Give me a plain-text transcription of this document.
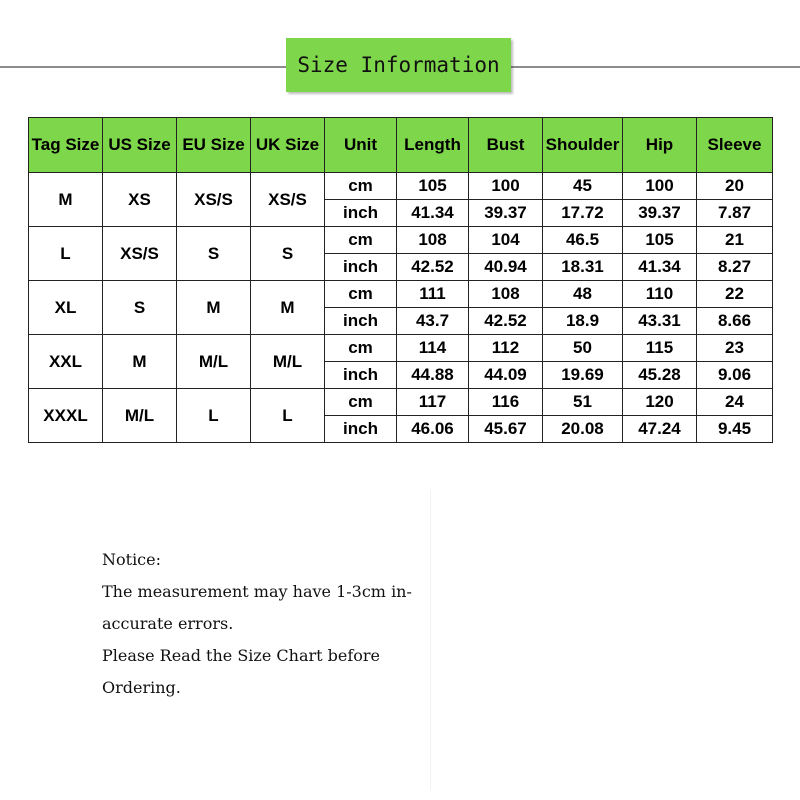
Size Information
Tag Size	US Size	EU Size	UK Size	Unit	Length	Bust	Shoulder	Hip	Sleeve
M	XS	XS/S	XS/S	cm	105	100	45	100	20
				inch	41.34	39.37	17.72	39.37	7.87
L	XS/S	S	S	cm	108	104	46.5	105	21
				inch	42.52	40.94	18.31	41.34	8.27
XL	S	M	M	cm	111	108	48	110	22
				inch	43.7	42.52	18.9	43.31	8.66
XXL	M	M/L	M/L	cm	114	112	50	115	23
				inch	44.88	44.09	19.69	45.28	9.06
XXXL	M/L	L	L	cm	117	116	51	120	24
				inch	46.06	45.67	20.08	47.24	9.45
Notice:
The measurement may have 1-3cm in-
accurate errors.
Please Read the Size Chart before
Ordering.
